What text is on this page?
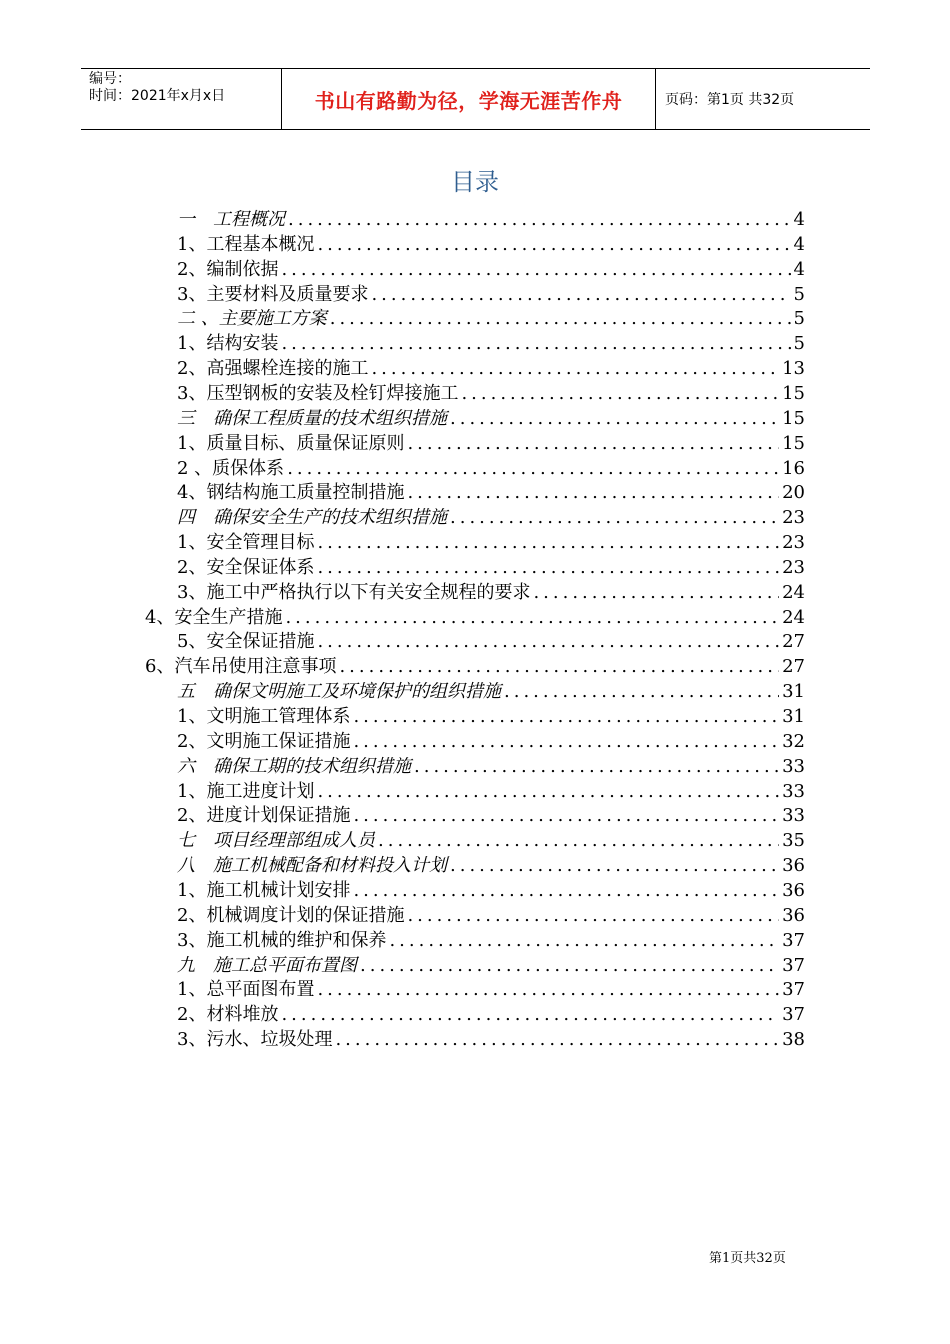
编号：
时间：2021年x月x日	书山有路勤为径，学海无涯苦作舟	页码：第1页 共32页
目录
一　工程概况 .....	4
1、工程基本概况 .....	4
2、编制依据 .....	4
3、主要材料及质量要求 .....	5
二 、主要施工方案 .....	5
1、结构安装 .....	5
2、高强螺栓连接的施工 .....	13
3、压型钢板的安装及栓钉焊接施工 .....	15
三　确保工程质量的技术组织措施 .....	15
1、质量目标、质量保证原则 .....	15
2 、质保体系 .....	16
4、钢结构施工质量控制措施 .....	20
四　确保安全生产的技术组织措施 .....	23
1、安全管理目标 .....	23
2、安全保证体系 .....	23
3、施工中严格执行以下有关安全规程的要求 .....	24
4、安全生产措施 .....	24
5、安全保证措施 .....	27
6、汽车吊使用注意事项 .....	27
五　确保文明施工及环境保护的组织措施 .....	31
1、文明施工管理体系 .....	31
2、文明施工保证措施 .....	32
六　确保工期的技术组织措施 .....	33
1、施工进度计划 .....	33
2、进度计划保证措施 .....	33
七　项目经理部组成人员 .....	35
八　施工机械配备和材料投入计划 .....	36
1、施工机械计划安排 .....	36
2、机械调度计划的保证措施 .....	36
3、施工机械的维护和保养 .....	37
九　施工总平面布置图 .....	37
1、总平面图布置 .....	37
2、材料堆放 .....	37
3、污水、垃圾处理 .....	38
第1页共32页
